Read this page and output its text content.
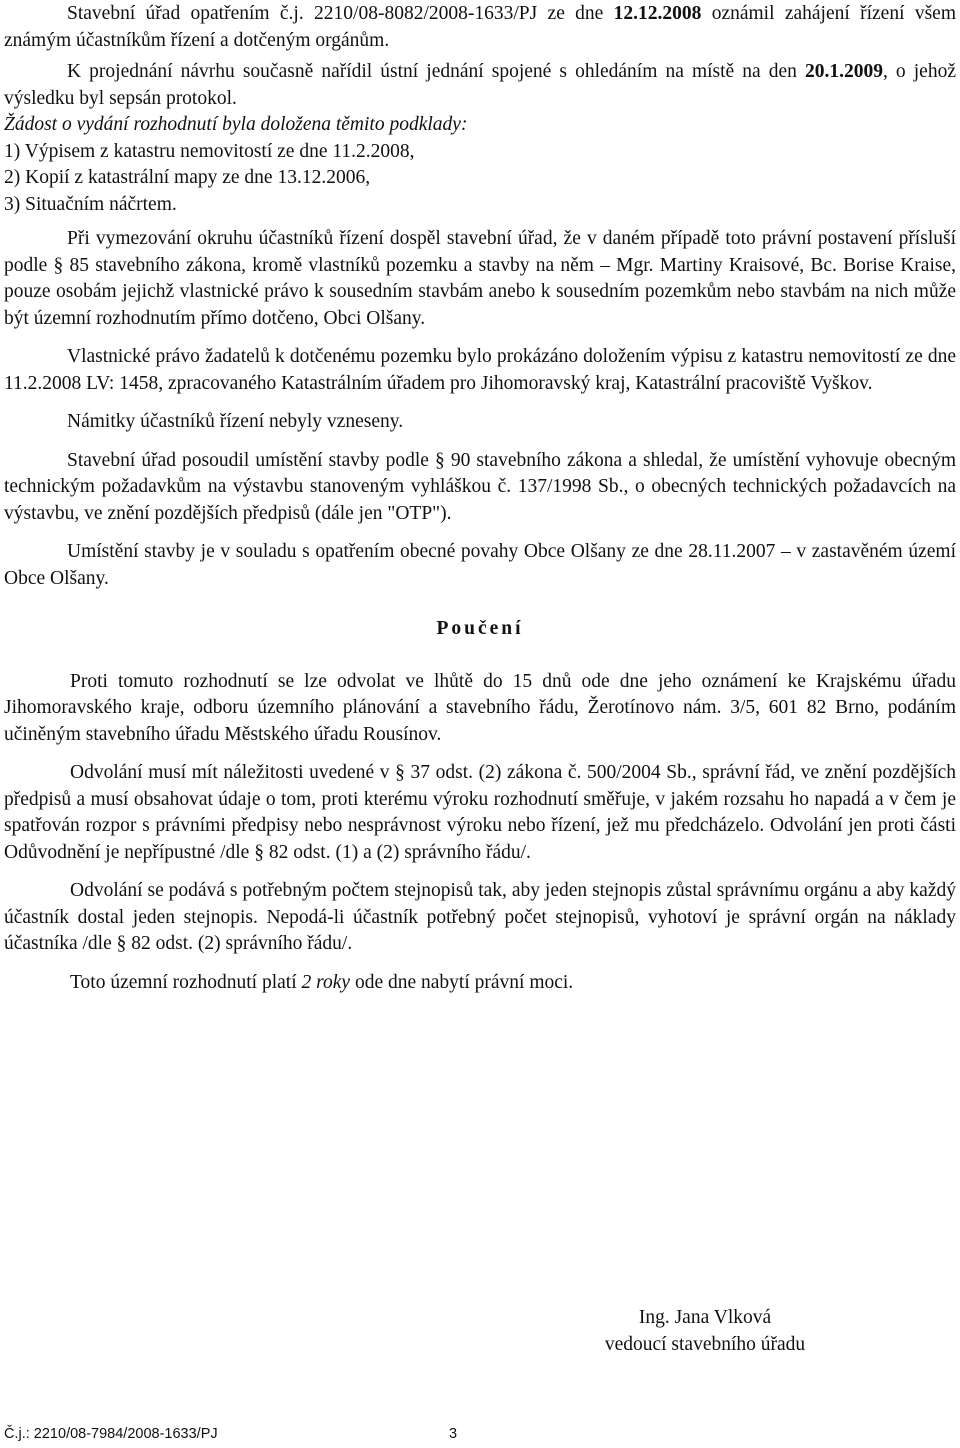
Stavební úřad opatřením č.j. 2210/08-8082/2008-1633/PJ ze dne 12.12.2008 oznámil zahájení řízení všem známým účastníkům řízení a dotčeným orgánům.

K projednání návrhu současně nařídil ústní jednání spojené s ohledáním na místě na den 20.1.2009, o jehož výsledku byl sepsán protokol.

Žádost o vydání rozhodnutí byla doložena těmito podklady:

1) Výpisem z katastru nemovitostí ze dne 11.2.2008,
2) Kopií z katastrální mapy ze dne 13.12.2006,
3) Situačním náčrtem.

Při vymezování okruhu účastníků řízení dospěl stavební úřad, že v daném případě toto právní postavení přísluší podle § 85 stavebního zákona, kromě vlastníků pozemku a stavby na něm – Mgr. Martiny Kraisové, Bc. Borise Kraise, pouze osobám jejichž vlastnické právo k sousedním stavbám anebo k sousedním pozemkům nebo stavbám na nich může být územní rozhodnutím přímo dotčeno, Obci Olšany.

Vlastnické právo žadatelů k dotčenému pozemku bylo prokázáno doložením výpisu z katastru nemovitostí ze dne 11.2.2008 LV: 1458, zpracovaného Katastrálním úřadem pro Jihomoravský kraj, Katastrální pracoviště Vyškov.

Námitky účastníků řízení nebyly vzneseny.

Stavební úřad posoudil umístění stavby podle § 90 stavebního zákona a shledal, že umístění vyhovuje obecným technickým požadavkům na výstavbu stanoveným vyhláškou č. 137/1998 Sb., o obecných technických požadavcích na výstavbu, ve znění pozdějších předpisů (dále jen "OTP").

Umístění stavby je v souladu s opatřením obecné povahy Obce Olšany ze dne 28.11.2007 – v zastavěném území Obce Olšany.

Poučení

Proti tomuto rozhodnutí se lze odvolat ve lhůtě do 15 dnů ode dne jeho oznámení ke Krajskému úřadu Jihomoravského kraje, odboru územního plánování a stavebního řádu, Žerotínovo nám. 3/5, 601 82 Brno, podáním učiněným stavebního úřadu Městského úřadu Rousínov.

Odvolání musí mít náležitosti uvedené v § 37 odst. (2) zákona č. 500/2004 Sb., správní řád, ve znění pozdějších předpisů a musí obsahovat údaje o tom, proti kterému výroku rozhodnutí směřuje, v jakém rozsahu ho napadá a v čem je spatřován rozpor s právními předpisy nebo nesprávnost výroku nebo řízení, jež mu předcházelo. Odvolání jen proti části Odůvodnění je nepřípustné /dle § 82 odst. (1) a (2) správního řádu/.

Odvolání se podává s potřebným počtem stejnopisů tak, aby jeden stejnopis zůstal správnímu orgánu a aby každý účastník dostal jeden stejnopis. Nepodá-li účastník potřebný počet stejnopisů, vyhotoví je správní orgán na náklady účastníka /dle § 82 odst. (2) správního řádu/.

Toto územní rozhodnutí platí 2 roky ode dne nabytí právní moci.

Ing. Jana Vlková
vedoucí stavebního úřadu
Č.j.: 2210/08-7984/2008-1633/PJ	3
